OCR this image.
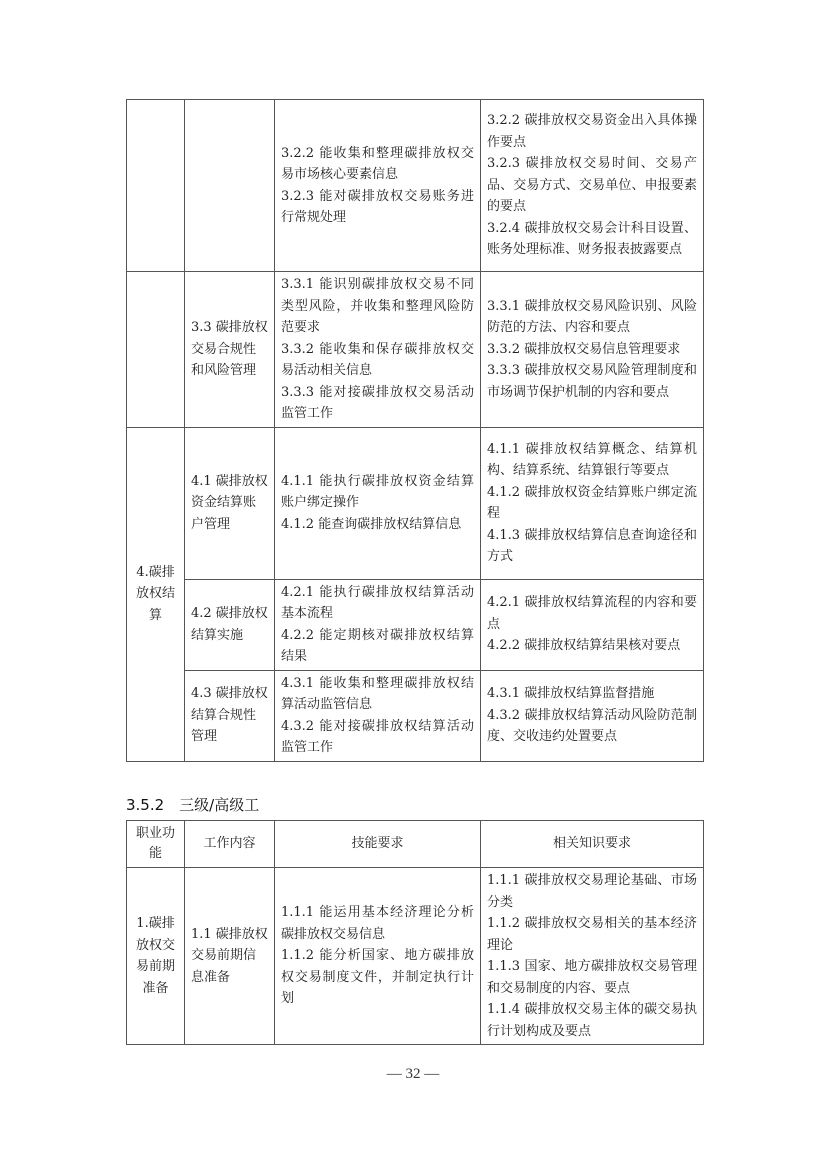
		3.2.2 能收集和整理碳排放权交易市场核心要素信息
3.2.3 能对碳排放权交易账务进行常规处理	3.2.2 碳排放权交易资金出入具体操作要点
3.2.3 碳排放权交易时间、交易产品、交易方式、交易单位、申报要素的要点
3.2.4 碳排放权交易会计科目设置、账务处理标准、财务报表披露要点

	3.3 碳排放权交易合规性和风险管理	3.3.1 能识别碳排放权交易不同类型风险，并收集和整理风险防范要求
3.3.2 能收集和保存碳排放权交易活动相关信息
3.3.3 能对接碳排放权交易活动监管工作	3.3.1 碳排放权交易风险识别、风险防范的方法、内容和要点
3.3.2 碳排放权交易信息管理要求
3.3.3 碳排放权交易风险管理制度和市场调节保护机制的内容和要点

4.碳排放权结算	4.1 碳排放权资金结算账户管理	4.1.1 能执行碳排放权资金结算账户绑定操作
4.1.2 能查询碳排放权结算信息	4.1.1 碳排放权结算概念、结算机构、结算系统、结算银行等要点
4.1.2 碳排放权资金结算账户绑定流程
4.1.3 碳排放权结算信息查询途径和方式

	4.2 碳排放权结算实施	4.2.1 能执行碳排放权结算活动基本流程
4.2.2 能定期核对碳排放权结算结果	4.2.1 碳排放权结算流程的内容和要点
4.2.2 碳排放权结算结果核对要点

	4.3 碳排放权结算合规性管理	4.3.1 能收集和整理碳排放权结算活动监管信息
4.3.2 能对接碳排放权结算活动监管工作	4.3.1 碳排放权结算监督措施
4.3.2 碳排放权结算活动风险防范制度、交收违约处置要点
3.5.2　三级/高级工
职业功能	工作内容	技能要求	相关知识要求
1.碳排放权交易前期准备	1.1 碳排放权交易前期信息准备	1.1.1 能运用基本经济理论分析碳排放权交易信息
1.1.2 能分析国家、地方碳排放权交易制度文件，并制定执行计划	1.1.1 碳排放权交易理论基础、市场分类
1.1.2 碳排放权交易相关的基本经济理论
1.1.3 国家、地方碳排放权交易管理和交易制度的内容、要点
1.1.4 碳排放权交易主体的碳交易执行计划构成及要点
— 32 —
